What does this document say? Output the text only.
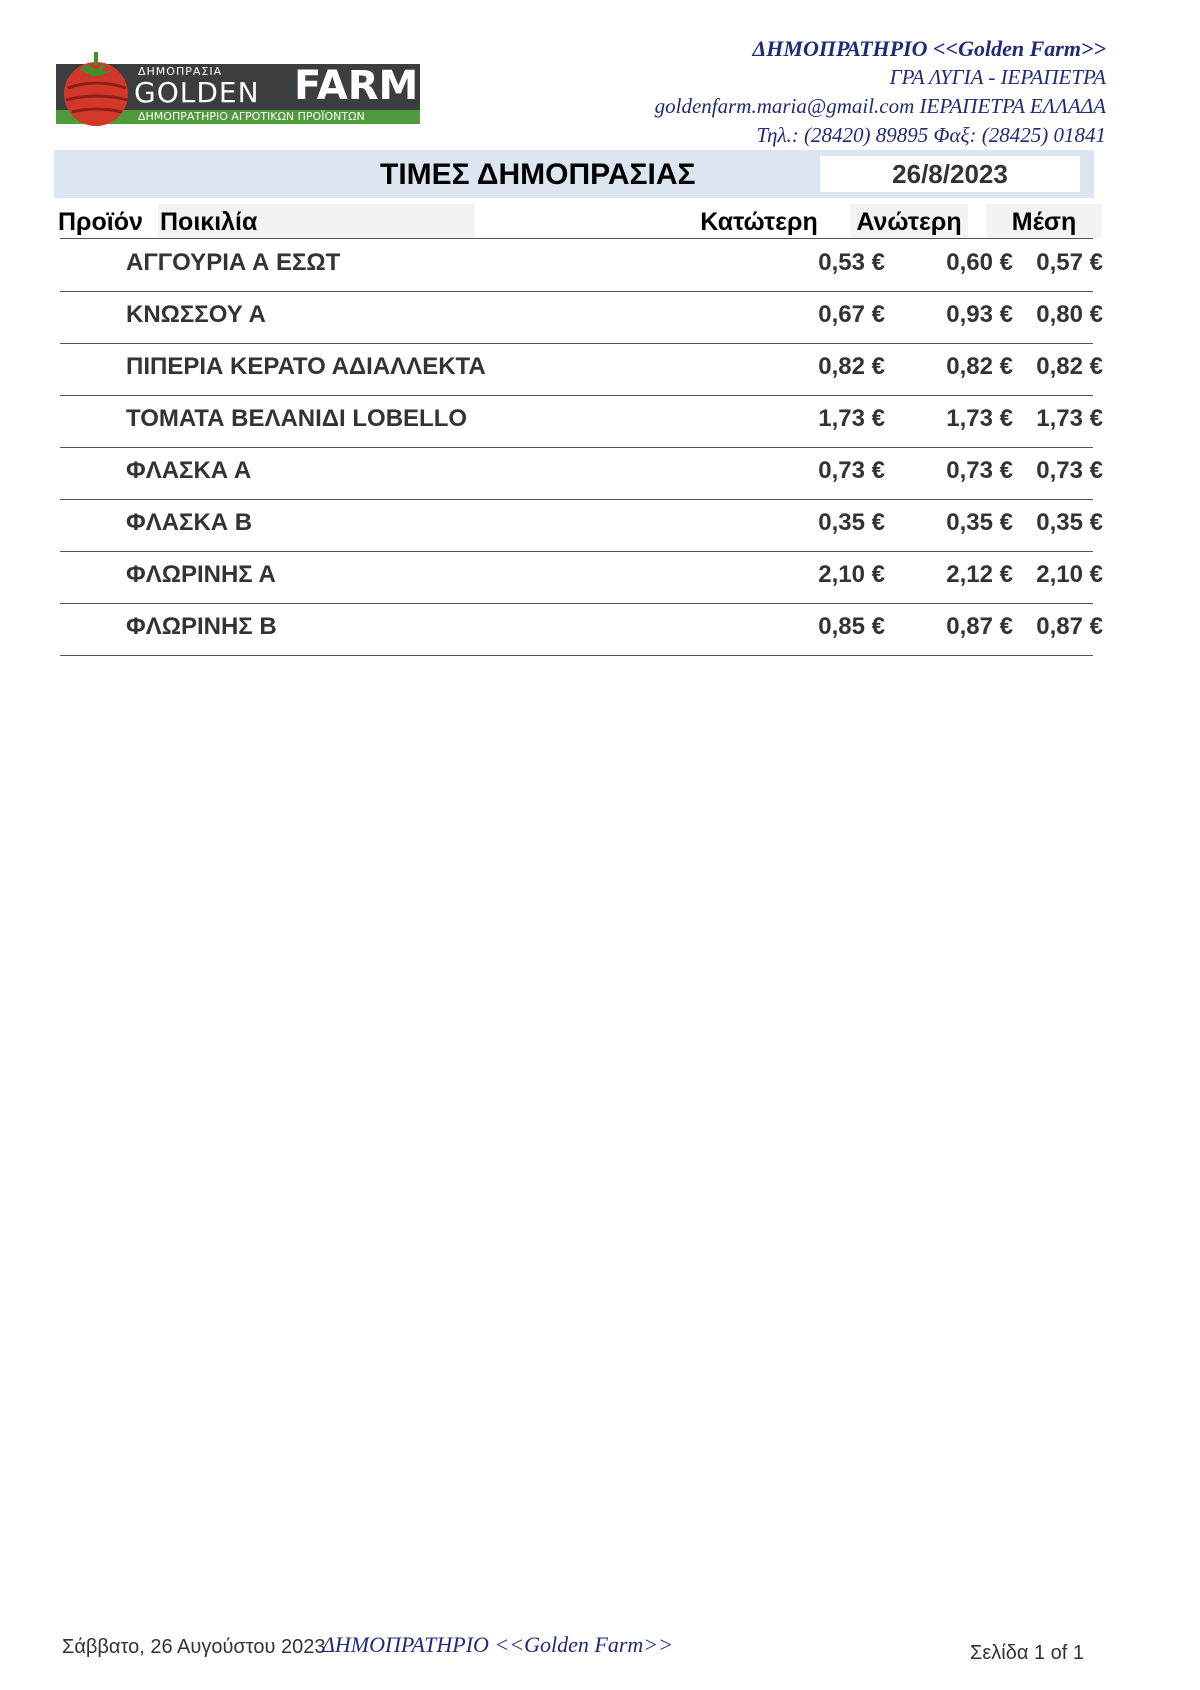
ΔΗΜΟΠΡΑΣΙΑ
GOLDEN FARM
ΔΗΜΟΠΡΑΤΗΡΙΟ ΑΓΡΟΤΙΚΩΝ ΠΡΟΪΟΝΤΩΝ
ΔΗΜΟΠΡΑΤΗΡΙΟ <<Golden Farm>>
ΓΡΑ ΛΥΓΙΑ - ΙΕΡΑΠΕΤΡΑ
goldenfarm.maria@gmail.com ΙΕΡΑΠΕΤΡΑ ΕΛΛΑΔΑ
Τηλ.: (28420) 89895 Φαξ: (28425) 01841
ΤΙΜΕΣ ΔΗΜΟΠΡΑΣΙΑΣ	26/8/2023
Προϊόν Ποικιλία	Κατώτερη Ανώτερη	Μέση
ΑΓΓΟΥΡΙΑ Α ΕΣΩΤ	0,53 €	0,60 € 0,57 €
ΚΝΩΣΣΟΥ Α	0,67 €	0,93 € 0,80 €
ΠΙΠΕΡΙΑ ΚΕΡΑΤΟ ΑΔΙΑΛΛΕΚΤΑ	0,82 €	0,82 € 0,82 €
ΤΟΜΑΤΑ ΒΕΛΑΝΙΔΙ LOBELLO	1,73 €	1,73 € 1,73 €
ΦΛΑΣΚΑ Α	0,73 €	0,73 € 0,73 €
ΦΛΑΣΚΑ Β	0,35 €	0,35 € 0,35 €
ΦΛΩΡΙΝΗΣ Α	2,10 €	2,12 € 2,10 €
ΦΛΩΡΙΝΗΣ Β	0,85 €	0,87 € 0,87 €
Σάββατο, 26 Αυγούστου 2023
ΔΗΜΟΠΡΑΤΗΡΙΟ <<Golden Farm>>	Σελίδα 1 of 1
